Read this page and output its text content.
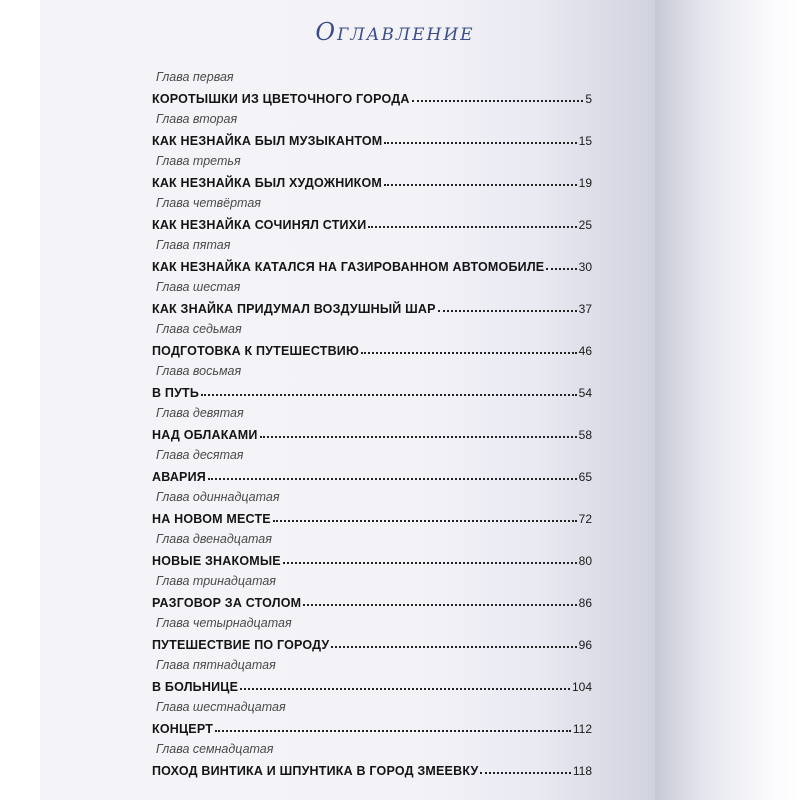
Оглавление
Глава первая
КОРОТЫШКИ ИЗ ЦВЕТОЧНОГО ГОРОДА	5
Глава вторая
КАК НЕЗНАЙКА БЫЛ МУЗЫКАНТОМ	15
Глава третья
КАК НЕЗНАЙКА БЫЛ ХУДОЖНИКОМ	19
Глава четвёртая
КАК НЕЗНАЙКА СОЧИНЯЛ СТИХИ	25
Глава пятая
КАК НЕЗНАЙКА КАТАЛСЯ НА ГАЗИРОВАННОМ АВТОМОБИЛЕ	30
Глава шестая
КАК ЗНАЙКА ПРИДУМАЛ ВОЗДУШНЫЙ ШАР	37
Глава седьмая
ПОДГОТОВКА К ПУТЕШЕСТВИЮ	46
Глава восьмая
В ПУТЬ	54
Глава девятая
НАД ОБЛАКАМИ	58
Глава десятая
АВАРИЯ	65
Глава одиннадцатая
НА НОВОМ МЕСТЕ	72
Глава двенадцатая
НОВЫЕ ЗНАКОМЫЕ	80
Глава тринадцатая
РАЗГОВОР ЗА СТОЛОМ	86
Глава четырнадцатая
ПУТЕШЕСТВИЕ ПО ГОРОДУ	96
Глава пятнадцатая
В БОЛЬНИЦЕ	104
Глава шестнадцатая
КОНЦЕРТ	112
Глава семнадцатая
ПОХОД ВИНТИКА И ШПУНТИКА В ГОРОД ЗМЕЕВКУ	118
